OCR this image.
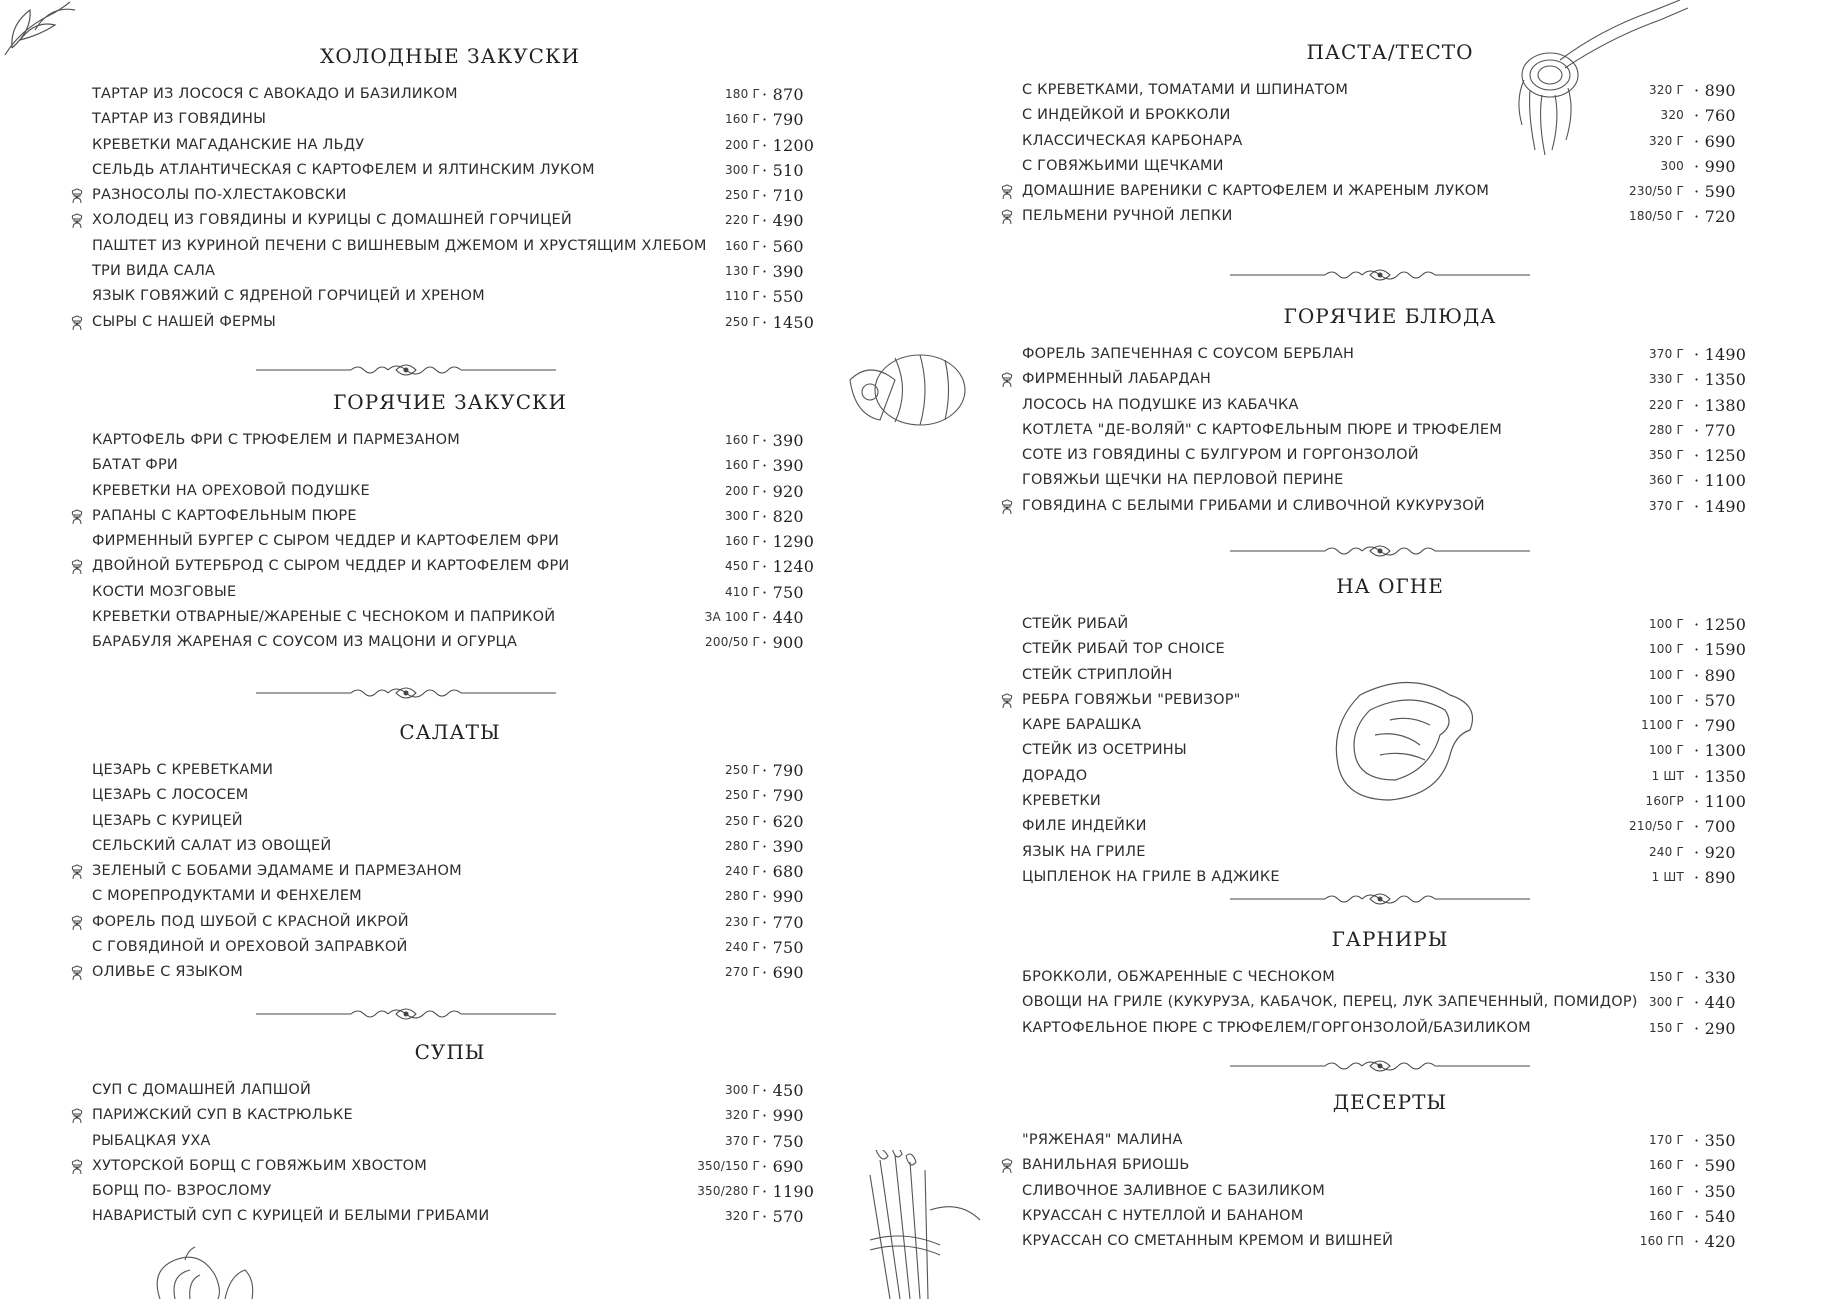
ХОЛОДНЫЕ ЗАКУСКИ
ТАРТАР ИЗ ЛОСОСЯ С АВОКАДО И БАЗИЛИКОМ	180 Г · 870
ТАРТАР ИЗ ГОВЯДИНЫ	160 Г · 790
КРЕВЕТКИ МАГАДАНСКИЕ НА ЛЬДУ	200 Г · 1200
СЕЛЬДЬ АТЛАНТИЧЕСКАЯ С КАРТОФЕЛЕМ И ЯЛТИНСКИМ ЛУКОМ	300 Г · 510
РАЗНОСОЛЫ ПО-ХЛЕСТАКОВСКИ	250 Г · 710
ХОЛОДЕЦ ИЗ ГОВЯДИНЫ И КУРИЦЫ С ДОМАШНЕЙ ГОРЧИЦЕЙ	220 Г · 490
ПАШТЕТ ИЗ КУРИНОЙ ПЕЧЕНИ С ВИШНЕВЫМ ДЖЕМОМ И ХРУСТЯЩИМ ХЛЕБОМ	160 Г · 560
ТРИ ВИДА САЛА	130 Г · 390
ЯЗЫК ГОВЯЖИЙ С ЯДРЕНОЙ ГОРЧИЦЕЙ И ХРЕНОМ	110 Г · 550
СЫРЫ С НАШЕЙ ФЕРМЫ	250 Г · 1450
ГОРЯЧИЕ ЗАКУСКИ
КАРТОФЕЛЬ ФРИ С ТРЮФЕЛЕМ И ПАРМЕЗАНОМ	160 Г · 390
БАТАТ ФРИ	160 Г · 390
КРЕВЕТКИ НА ОРЕХОВОЙ ПОДУШКЕ	200 Г · 920
РАПАНЫ С КАРТОФЕЛЬНЫМ ПЮРЕ	300 Г · 820
ФИРМЕННЫЙ БУРГЕР С СЫРОМ ЧЕДДЕР И КАРТОФЕЛЕМ ФРИ	160 Г · 1290
ДВОЙНОЙ БУТЕРБРОД С СЫРОМ ЧЕДДЕР И КАРТОФЕЛЕМ ФРИ	450 Г · 1240
КОСТИ МОЗГОВЫЕ	410 Г · 750
КРЕВЕТКИ ОТВАРНЫЕ/ЖАРЕНЫЕ С ЧЕСНОКОМ И ПАПРИКОЙ	ЗА 100 Г · 440
БАРАБУЛЯ ЖАРЕНАЯ С СОУСОМ ИЗ МАЦОНИ И ОГУРЦА	200/50 Г · 900
САЛАТЫ
ЦЕЗАРЬ С КРЕВЕТКАМИ	250 Г · 790
ЦЕЗАРЬ С ЛОСОСЕМ	250 Г · 790
ЦЕЗАРЬ С КУРИЦЕЙ	250 Г · 620
СЕЛЬСКИЙ САЛАТ ИЗ ОВОЩЕЙ	280 Г · 390
ЗЕЛЕНЫЙ С БОБАМИ ЭДАМАМЕ И ПАРМЕЗАНОМ	240 Г · 680
С МОРЕПРОДУКТАМИ И ФЕНХЕЛЕМ	280 Г · 990
ФОРЕЛЬ ПОД ШУБОЙ С КРАСНОЙ ИКРОЙ	230 Г · 770
С ГОВЯДИНОЙ И ОРЕХОВОЙ ЗАПРАВКОЙ	240 Г · 750
ОЛИВЬЕ С ЯЗЫКОМ	270 Г · 690
СУПЫ
СУП С ДОМАШНЕЙ ЛАПШОЙ	300 Г · 450
ПАРИЖСКИЙ СУП В КАСТРЮЛЬКЕ	320 Г · 990
РЫБАЦКАЯ УХА	370 Г · 750
ХУТОРСКОЙ БОРЩ С ГОВЯЖЬИМ ХВОСТОМ	350/150 Г · 690
БОРЩ ПО- ВЗРОСЛОМУ	350/280 Г · 1190
НАВАРИСТЫЙ СУП С КУРИЦЕЙ И БЕЛЫМИ ГРИБАМИ	320 Г · 570
ПАСТА/ТЕСТО
С КРЕВЕТКАМИ, ТОМАТАМИ И ШПИНАТОМ	320 Г · 890
С ИНДЕЙКОЙ И БРОККОЛИ	320 · 760
КЛАССИЧЕСКАЯ КАРБОНАРА	320 Г · 690
С ГОВЯЖЬИМИ ЩЕЧКАМИ	300 · 990
ДОМАШНИЕ ВАРЕНИКИ С КАРТОФЕЛЕМ И ЖАРЕНЫМ ЛУКОМ	230/50 Г · 590
ПЕЛЬМЕНИ РУЧНОЙ ЛЕПКИ	180/50 Г · 720
ГОРЯЧИЕ БЛЮДА
ФОРЕЛЬ ЗАПЕЧЕННАЯ С СОУСОМ БЕРБЛАН	370 Г · 1490
ФИРМЕННЫЙ ЛАБАРДАН	330 Г · 1350
ЛОСОСЬ НА ПОДУШКЕ ИЗ КАБАЧКА	220 Г · 1380
КОТЛЕТА "ДЕ-ВОЛЯЙ" С КАРТОФЕЛЬНЫМ ПЮРЕ И ТРЮФЕЛЕМ	280 Г · 770
СОТЕ ИЗ ГОВЯДИНЫ С БУЛГУРОМ И ГОРГОНЗОЛОЙ	350 Г · 1250
ГОВЯЖЬИ ЩЕЧКИ НА ПЕРЛОВОЙ ПЕРИНЕ	360 Г · 1100
ГОВЯДИНА С БЕЛЫМИ ГРИБАМИ И СЛИВОЧНОЙ КУКУРУЗОЙ	370 Г · 1490
НА ОГНЕ
СТЕЙК РИБАЙ	100 Г · 1250
СТЕЙК РИБАЙ TOP CHOICE	100 Г · 1590
СТЕЙК СТРИПЛОЙН	100 Г · 890
РЕБРА ГОВЯЖЬИ "РЕВИЗОР"	100 Г · 570
КАРЕ БАРАШКА	1100 Г · 790
СТЕЙК ИЗ ОСЕТРИНЫ	100 Г · 1300
ДОРАДО	1 ШТ · 1350
КРЕВЕТКИ	160ГР · 1100
ФИЛЕ ИНДЕЙКИ	210/50 Г · 700
ЯЗЫК НА ГРИЛЕ	240 Г · 920
ЦЫПЛЕНОК НА ГРИЛЕ В АДЖИКЕ	1 ШТ · 890
ГАРНИРЫ
БРОККОЛИ, ОБЖАРЕННЫЕ С ЧЕСНОКОМ	150 Г · 330
ОВОЩИ НА ГРИЛЕ (КУКУРУЗА, КАБАЧОК, ПЕРЕЦ, ЛУК ЗАПЕЧЕННЫЙ, ПОМИДОР) 300 Г · 440
КАРТОФЕЛЬНОЕ ПЮРЕ С ТРЮФЕЛЕМ/ГОРГОНЗОЛОЙ/БАЗИЛИКОМ	150 Г · 290
ДЕСЕРТЫ
"РЯЖЕНАЯ" МАЛИНА	170 Г · 350
ВАНИЛЬНАЯ БРИОШЬ	160 Г · 590
СЛИВОЧНОЕ ЗАЛИВНОЕ С БАЗИЛИКОМ	160 Г · 350
КРУАССАН С НУТЕЛЛОЙ И БАНАНОМ	160 Г · 540
КРУАССАН СО СМЕТАННЫМ КРЕМОМ И ВИШНЕЙ	160 ГП · 420
